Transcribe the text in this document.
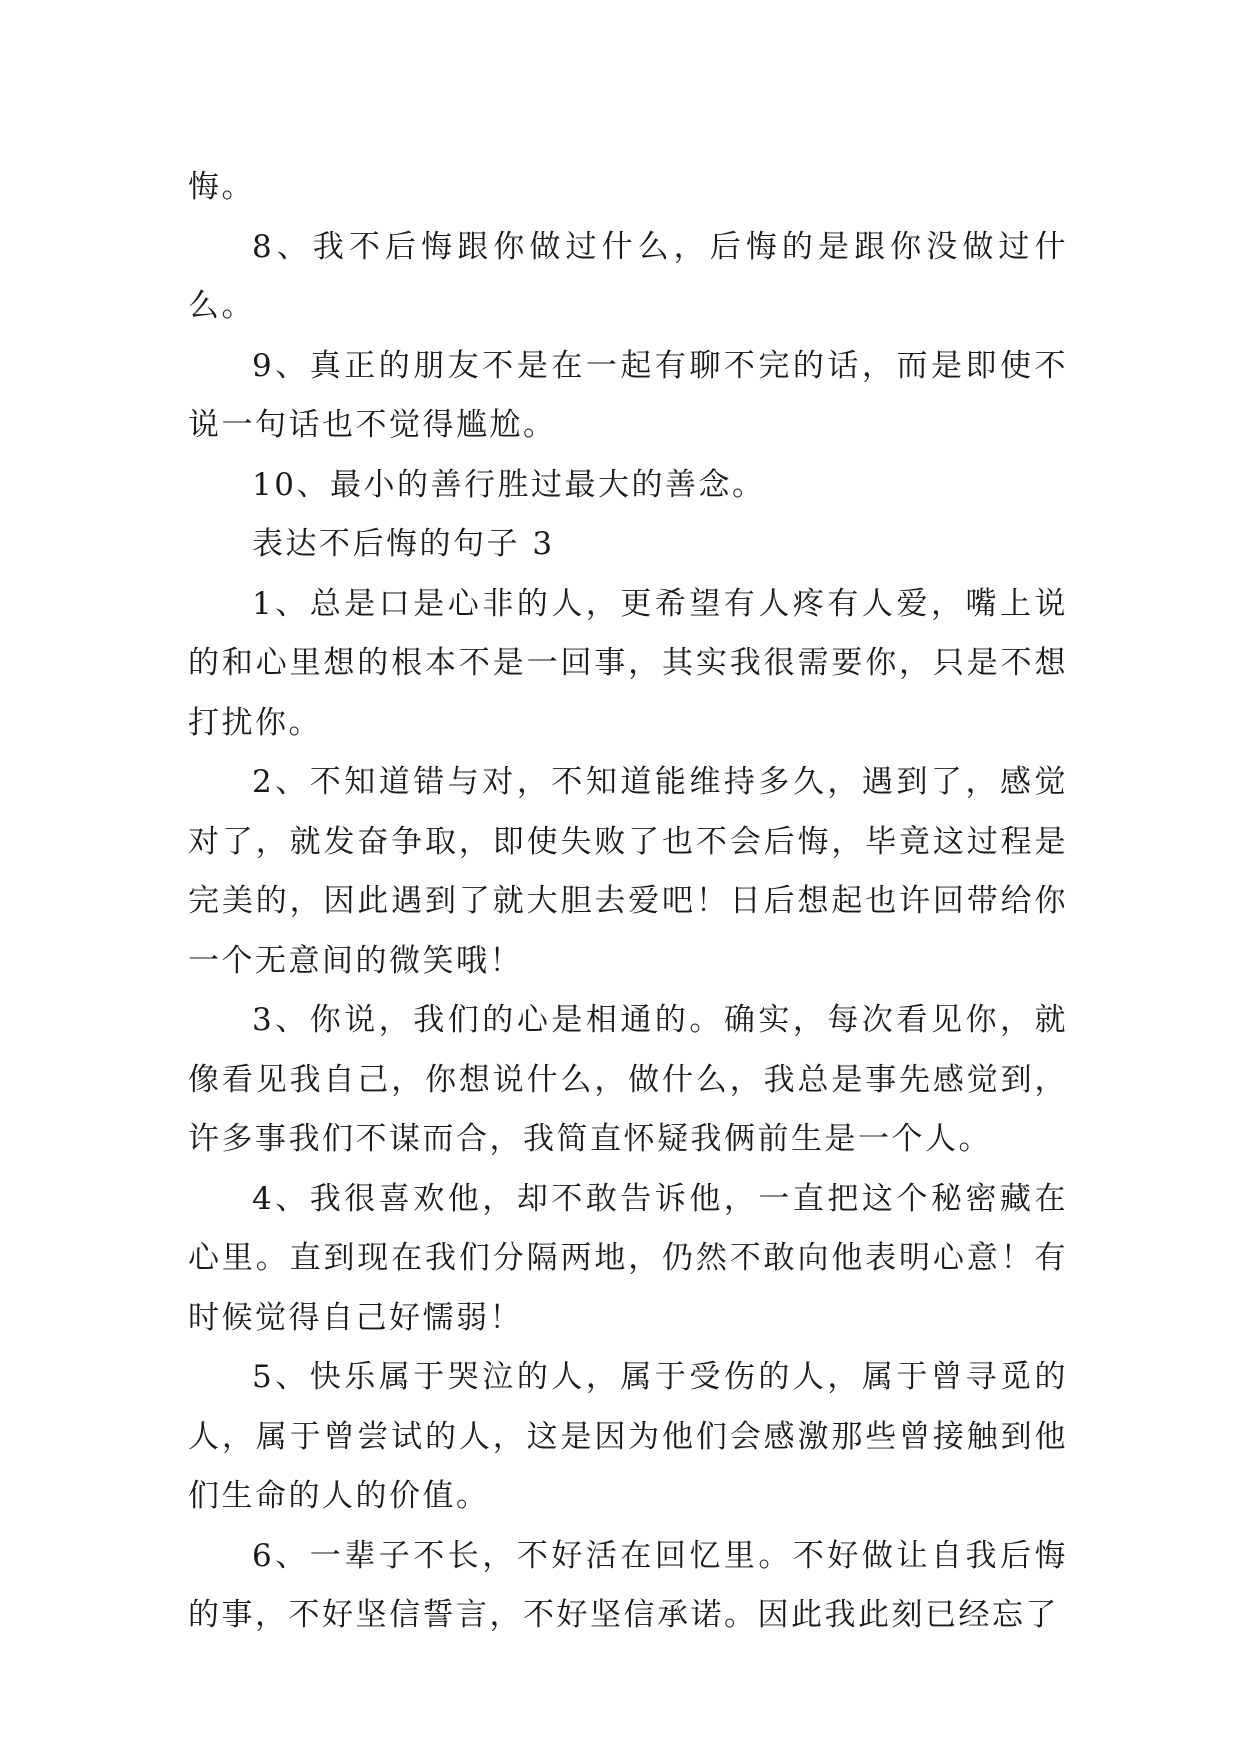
悔。

8、我不后悔跟你做过什么，后悔的是跟你没做过什么。

9、真正的朋友不是在一起有聊不完的话，而是即使不说一句话也不觉得尴尬。

10、最小的善行胜过最大的善念。

表达不后悔的句子 3

1、总是口是心非的人，更希望有人疼有人爱，嘴上说的和心里想的根本不是一回事，其实我很需要你，只是不想打扰你。

2、不知道错与对，不知道能维持多久，遇到了，感觉对了，就发奋争取，即使失败了也不会后悔，毕竟这过程是完美的，因此遇到了就大胆去爱吧！日后想起也许回带给你一个无意间的微笑哦！

3、你说，我们的心是相通的。确实，每次看见你，就像看见我自己，你想说什么，做什么，我总是事先感觉到，许多事我们不谋而合，我简直怀疑我俩前生是一个人。

4、我很喜欢他，却不敢告诉他，一直把这个秘密藏在心里。直到现在我们分隔两地，仍然不敢向他表明心意！有时候觉得自己好懦弱！

5、快乐属于哭泣的人，属于受伤的人，属于曾寻觅的人，属于曾尝试的人，这是因为他们会感激那些曾接触到他们生命的人的价值。

6、一辈子不长，不好活在回忆里。不好做让自我后悔的事，不好坚信誓言，不好坚信承诺。因此我此刻已经忘了
